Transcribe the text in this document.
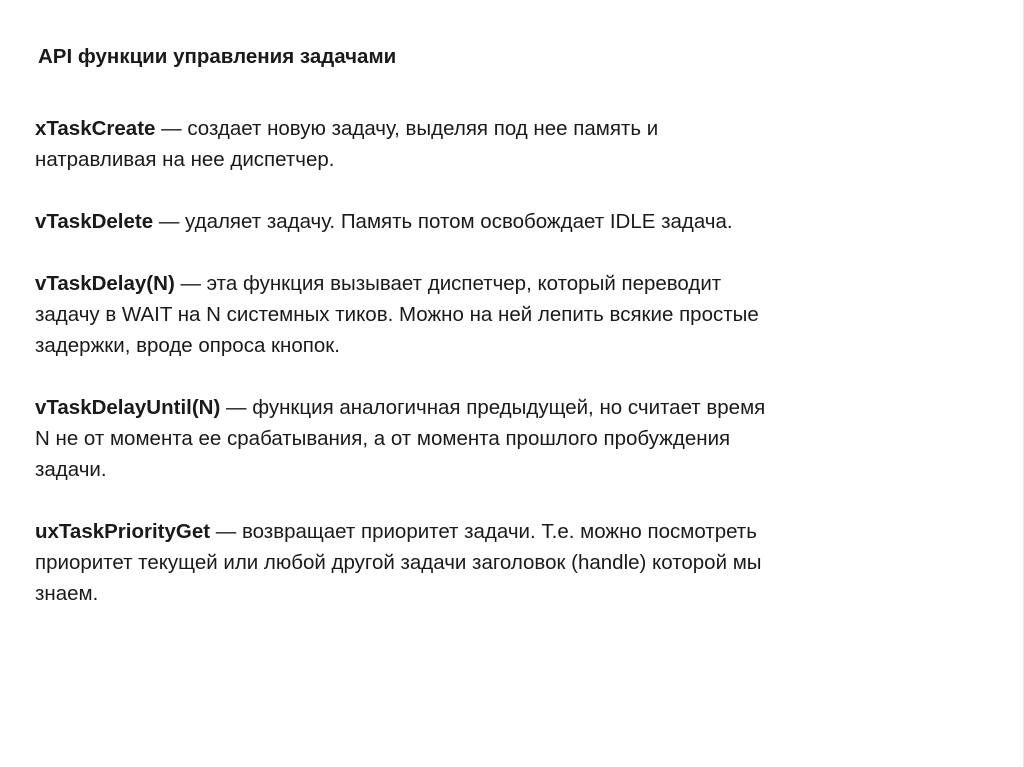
API функции управления задачами
xTaskCreate — создает новую задачу, выделяя под нее память и
натравливая на нее диспетчер.
vTaskDelete — удаляет задачу. Память потом освобождает IDLE задача.
vTaskDelay(N) — эта функция вызывает диспетчер, который переводит
задачу в WAIT на N системных тиков. Можно на ней лепить всякие простые
задержки, вроде опроса кнопок.
vTaskDelayUntil(N) — функция аналогичная предыдущей, но считает время
N не от момента ее срабатывания, а от момента прошлого пробуждения
задачи.
uxTaskPriorityGet — возвращает приоритет задачи. Т.е. можно посмотреть
приоритет текущей или любой другой задачи заголовок (handle) которой мы
знаем.
